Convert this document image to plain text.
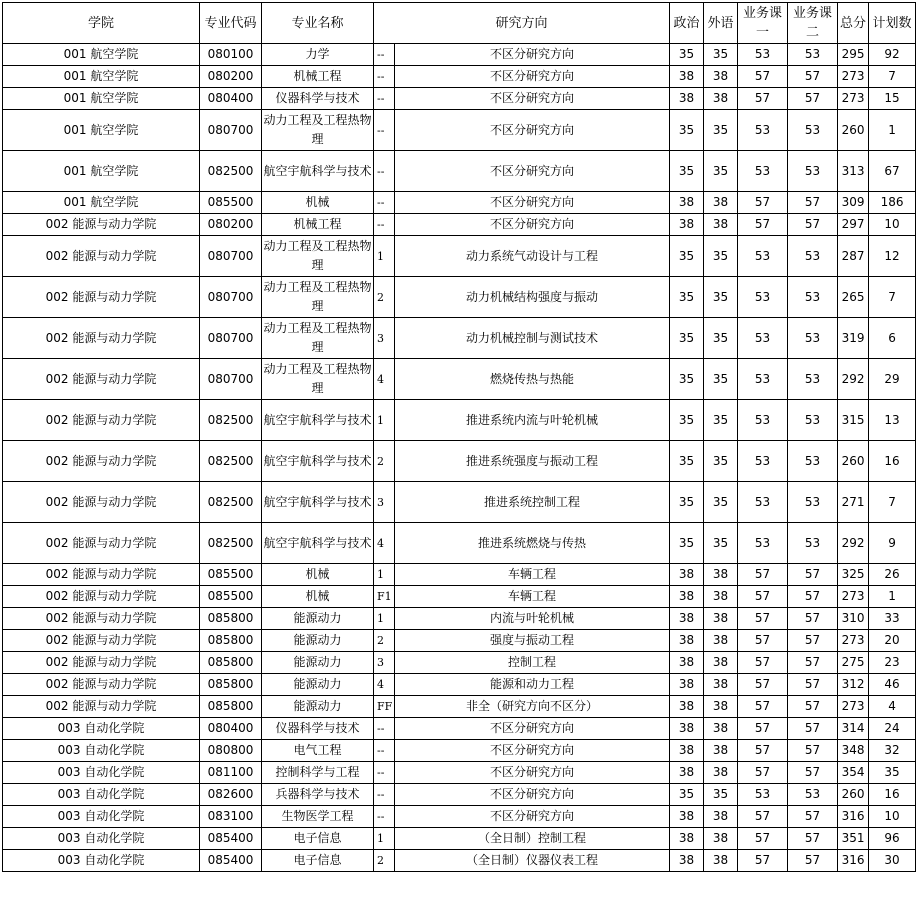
学院	专业代码	专业名称	研究方向		政治	外语	业务课一	业务课二	总分	计划数
001 航空学院	080100	力学	--	不区分研究方向	35	35	53	53	295	92
001 航空学院	080200	机械工程	--	不区分研究方向	38	38	57	57	273	7
001 航空学院	080400	仪器科学与技术	--	不区分研究方向	38	38	57	57	273	15
001 航空学院	080700	动力工程及工程热物理	--	不区分研究方向	35	35	53	53	260	1
001 航空学院	082500	航空宇航科学与技术	--	不区分研究方向	35	35	53	53	313	67
001 航空学院	085500	机械	--	不区分研究方向	38	38	57	57	309	186
002 能源与动力学院	080200	机械工程	--	不区分研究方向	38	38	57	57	297	10
002 能源与动力学院	080700	动力工程及工程热物理	1	动力系统气动设计与工程	35	35	53	53	287	12
002 能源与动力学院	080700	动力工程及工程热物理	2	动力机械结构强度与振动	35	35	53	53	265	7
002 能源与动力学院	080700	动力工程及工程热物理	3	动力机械控制与测试技术	35	35	53	53	319	6
002 能源与动力学院	080700	动力工程及工程热物理	4	燃烧传热与热能	35	35	53	53	292	29
002 能源与动力学院	082500	航空宇航科学与技术	1	推进系统内流与叶轮机械	35	35	53	53	315	13
002 能源与动力学院	082500	航空宇航科学与技术	2	推进系统强度与振动工程	35	35	53	53	260	16
002 能源与动力学院	082500	航空宇航科学与技术	3	推进系统控制工程	35	35	53	53	271	7
002 能源与动力学院	082500	航空宇航科学与技术	4	推进系统燃烧与传热	35	35	53	53	292	9
002 能源与动力学院	085500	机械	1	车辆工程	38	38	57	57	325	26
002 能源与动力学院	085500	机械	F1	车辆工程	38	38	57	57	273	1
002 能源与动力学院	085800	能源动力	1	内流与叶轮机械	38	38	57	57	310	33
002 能源与动力学院	085800	能源动力	2	强度与振动工程	38	38	57	57	273	20
002 能源与动力学院	085800	能源动力	3	控制工程	38	38	57	57	275	23
002 能源与动力学院	085800	能源动力	4	能源和动力工程	38	38	57	57	312	46
002 能源与动力学院	085800	能源动力	FF	非全（研究方向不区分）	38	38	57	57	273	4
003 自动化学院	080400	仪器科学与技术	--	不区分研究方向	38	38	57	57	314	24
003 自动化学院	080800	电气工程	--	不区分研究方向	38	38	57	57	348	32
003 自动化学院	081100	控制科学与工程	--	不区分研究方向	38	38	57	57	354	35
003 自动化学院	082600	兵器科学与技术	--	不区分研究方向	35	35	53	53	260	16
003 自动化学院	083100	生物医学工程	--	不区分研究方向	38	38	57	57	316	10
003 自动化学院	085400	电子信息	1	（全日制）控制工程	38	38	57	57	351	96
003 自动化学院	085400	电子信息	2	（全日制）仪器仪表工程	38	38	57	57	316	30
